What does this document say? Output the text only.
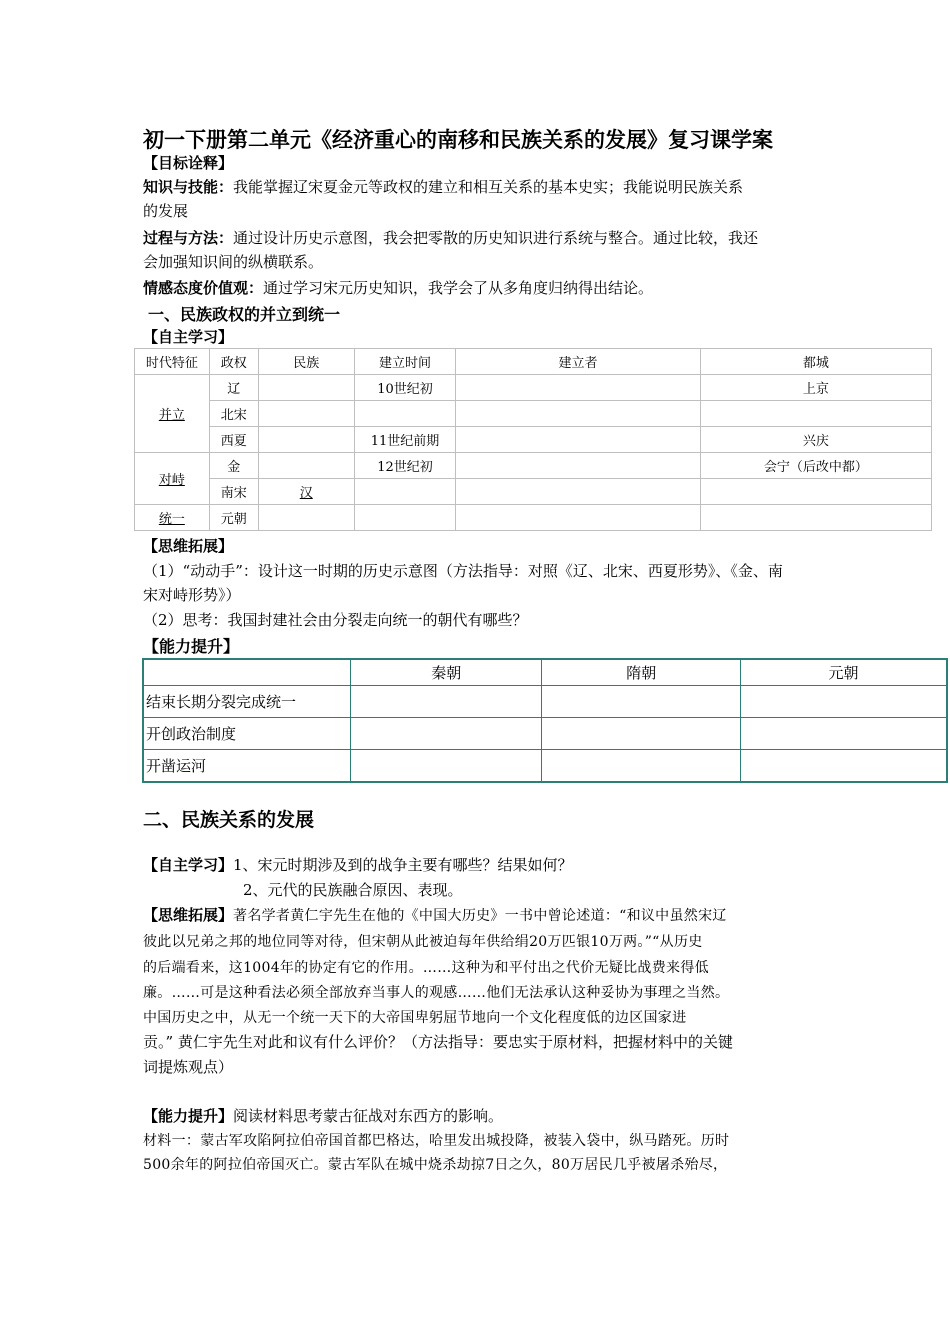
初一下册第二单元《经济重心的南移和民族关系的发展》复习课学案
【目标诠释】
知识与技能：我能掌握辽宋夏金元等政权的建立和相互关系的基本史实；我能说明民族关系
的发展
过程与方法：通过设计历史示意图，我会把零散的历史知识进行系统与整合。通过比较，我还
会加强知识间的纵横联系。
情感态度价值观：通过学习宋元历史知识，我学会了从多角度归纳得出结论。
一、民族政权的并立到统一
【自主学习】
时代特征	政权	民族	建立时间	建立者	都城
并立	辽		10世纪初		上京
	北宋				
	西夏		11世纪前期		兴庆
对峙	金		12世纪初		会宁（后改中都）
	南宋	汉			
统一	元朝				
【思维拓展】
（1）“动动手”：设计这一时期的历史示意图（方法指导：对照《辽、北宋、西夏形势》、《金、南
宋对峙形势》）
（2）思考：我国封建社会由分裂走向统一的朝代有哪些？
【能力提升】
	秦朝	隋朝	元朝
结束长期分裂完成统一			
开创政治制度			
开凿运河			
二、民族关系的发展
【自主学习】1、宋元时期涉及到的战争主要有哪些？结果如何？
2、元代的民族融合原因、表现。
【思维拓展】著名学者黄仁宇先生在他的《中国大历史》一书中曾论述道：“和议中虽然宋辽
彼此以兄弟之邦的地位同等对待，但宋朝从此被迫每年供给绢20万匹银10万两。”“从历史
的后端看来，这1004年的协定有它的作用。……这种为和平付出之代价无疑比战费来得低
廉。……可是这种看法必须全部放弃当事人的观感……他们无法承认这种妥协为事理之当然。
中国历史之中，从无一个统一天下的大帝国卑躬屈节地向一个文化程度低的边区国家进
贡。” 黄仁宇先生对此和议有什么评价？（方法指导：要忠实于原材料，把握材料中的关键
词提炼观点）
【能力提升】阅读材料思考蒙古征战对东西方的影响。
材料一：蒙古军攻陷阿拉伯帝国首都巴格达，哈里发出城投降，被装入袋中，纵马踏死。历时
500余年的阿拉伯帝国灭亡。蒙古军队在城中烧杀劫掠7日之久，80万居民几乎被屠杀殆尽，
